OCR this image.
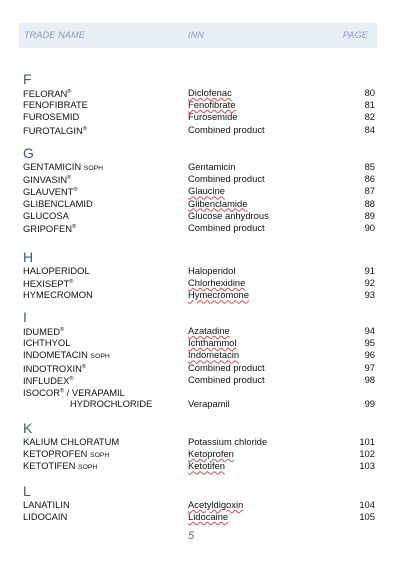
TRADE NAME	INN	PAGE
F
FELORAN®	Diclofenac	80
FENOFIBRATE	Fenofibrate	81
FUROSEMID	Furosemide	82
FUROTALGIN®	Combined product	84
G
GENTAMICIN SOPH	Gentamicin	85
GINVASIN®	Combined product	86
GLAUVENT®	Glaucine	87
GLIBENCLAMID	Glibenclamide	88
GLUCOSA	Glucose anhydrous	89
GRIPOFEN®	Combined product	90
H
HALOPERIDOL	Haloperidol	91
HEXISEPT®	Chlorhexidine	92
HYMECROMON	Hymecromone	93
I
IDUMED®	Azatadine	94
ICHTHYOL	Ichthammol	95
INDOMETACIN SOPH	Indometacin	96
INDOTROXIN®	Combined product	97
INFLUDEX®	Combined product	98
ISOCOR® / VERAPAMIL
HYDROCHLORIDE	Verapamil	99
K
KALIUM CHLORATUM	Potassium chloride	101
KETOPROFEN SOPH	Ketoprofen	102
KETOTIFEN SOPH	Ketotifen	103
L
LANATILIN	Acetyldigoxin	104
LIDOCAIN	Lidocaine	105
5
